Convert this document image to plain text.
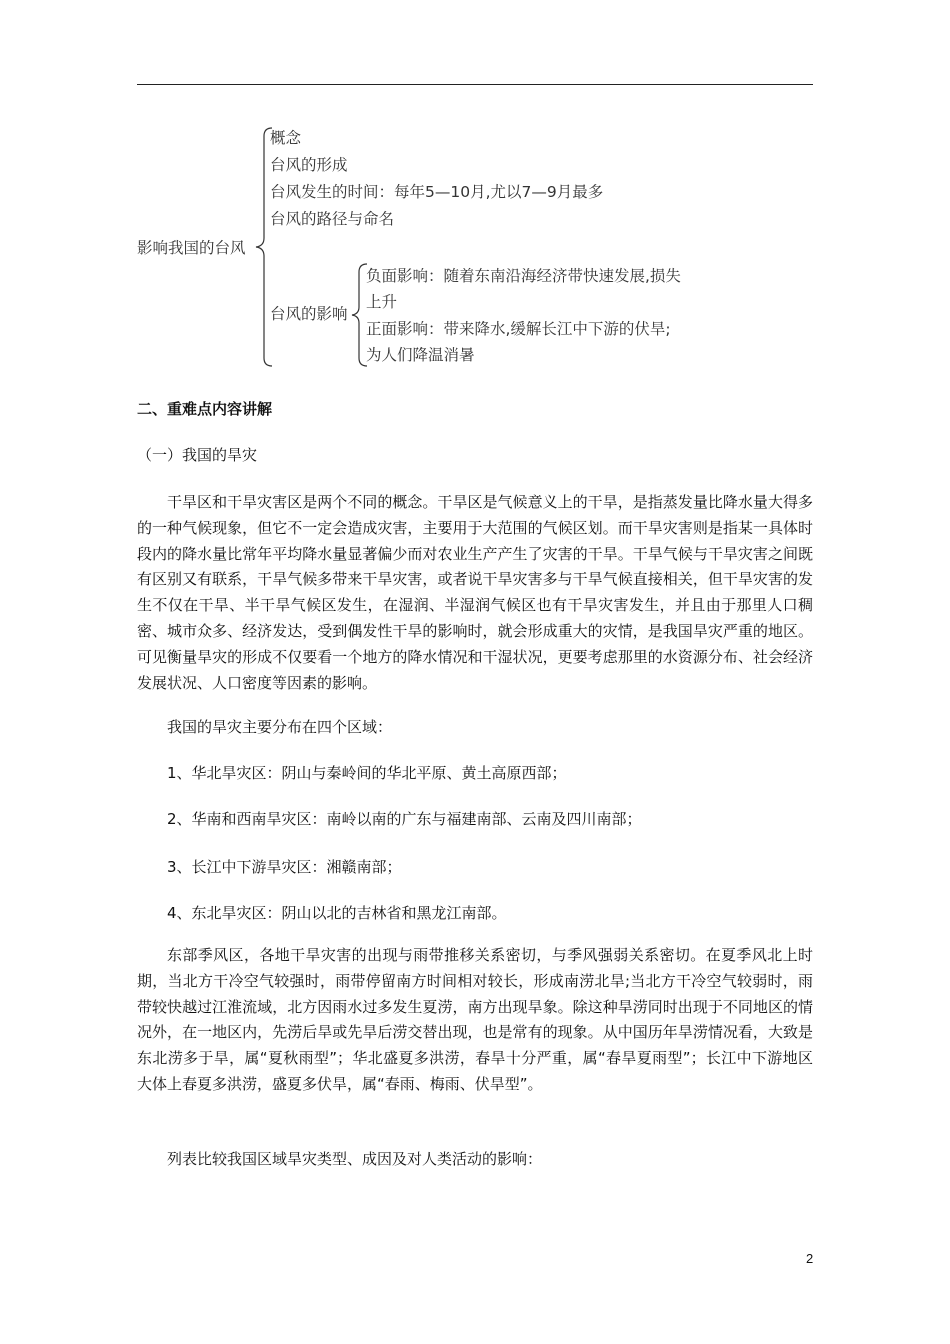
影响我国的台风
概念
台风的形成
台风发生的时间：每年5—10月,尤以7—9月最多
台风的路径与命名
台风的影响
负面影响：随着东南沿海经济带快速发展,损失
上升
正面影响：带来降水,缓解长江中下游的伏旱;
为人们降温消暑
二、重难点内容讲解
（一）我国的旱灾
干旱区和干旱灾害区是两个不同的概念。干旱区是气候意义上的干旱，是指蒸发量比降水量大得多的一种气候现象，但它不一定会造成灾害，主要用于大范围的气候区划。而干旱灾害则是指某一具体时段内的降水量比常年平均降水量显著偏少而对农业生产产生了灾害的干旱。干旱气候与干旱灾害之间既有区别又有联系，干旱气候多带来干旱灾害，或者说干旱灾害多与干旱气候直接相关，但干旱灾害的发生不仅在干旱、半干旱气候区发生，在湿润、半湿润气候区也有干旱灾害发生，并且由于那里人口稠密、城市众多、经济发达，受到偶发性干旱的影响时，就会形成重大的灾情，是我国旱灾严重的地区。可见衡量旱灾的形成不仅要看一个地方的降水情况和干湿状况，更要考虑那里的水资源分布、社会经济发展状况、人口密度等因素的影响。
我国的旱灾主要分布在四个区域：
1、华北旱灾区：阴山与秦岭间的华北平原、黄土高原西部；
2、华南和西南旱灾区：南岭以南的广东与福建南部、云南及四川南部；
3、长江中下游旱灾区：湘赣南部；
4、东北旱灾区：阴山以北的吉林省和黑龙江南部。
东部季风区，各地干旱灾害的出现与雨带推移关系密切，与季风强弱关系密切。在夏季风北上时期，当北方干冷空气较强时，雨带停留南方时间相对较长，形成南涝北旱;当北方干冷空气较弱时，雨带较快越过江淮流域，北方因雨水过多发生夏涝，南方出现旱象。除这种旱涝同时出现于不同地区的情况外，在一地区内，先涝后旱或先旱后涝交替出现，也是常有的现象。从中国历年旱涝情况看，大致是东北涝多于旱，属“夏秋雨型”；华北盛夏多洪涝，春旱十分严重，属“春旱夏雨型”；长江中下游地区大体上春夏多洪涝，盛夏多伏旱，属“春雨、梅雨、伏旱型”。
列表比较我国区域旱灾类型、成因及对人类活动的影响：
2
